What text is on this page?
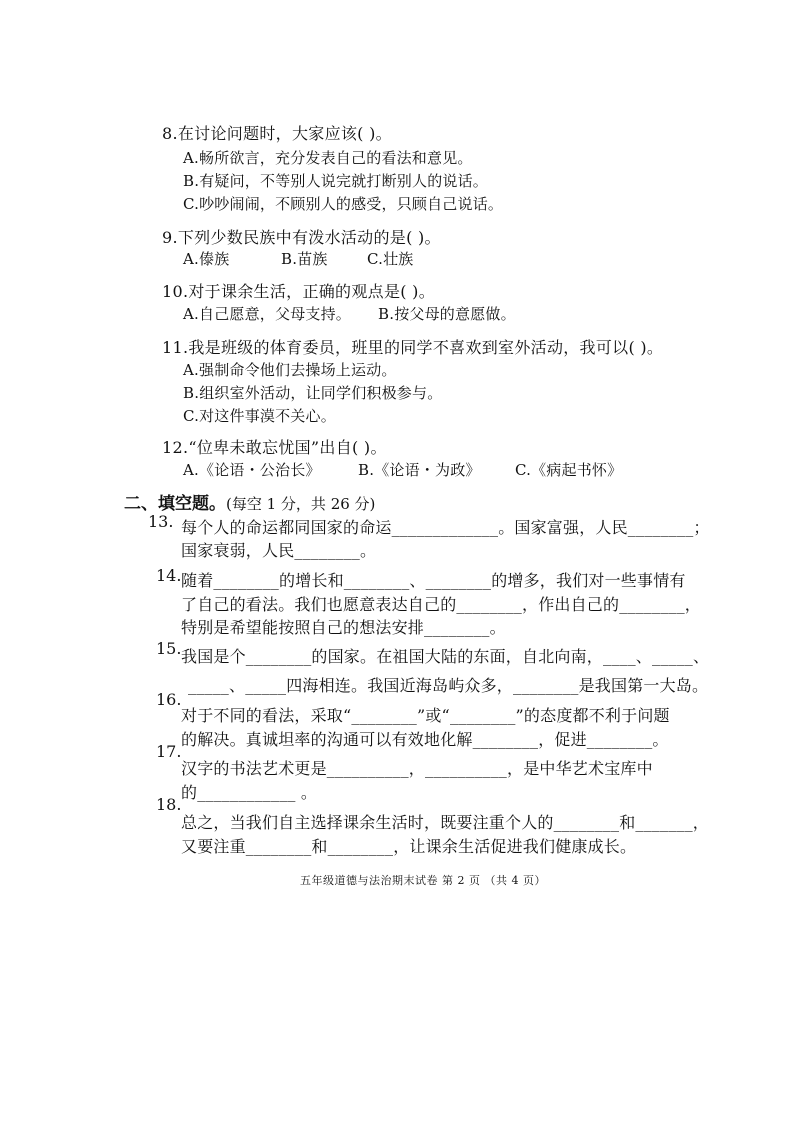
8.在讨论问题时，大家应该( )。
A.畅所欲言，充分发表自己的看法和意见。
B.有疑问，不等别人说完就打断别人的说话。
C.吵吵闹闹，不顾别人的感受，只顾自己说话。
9.下列少数民族中有泼水活动的是( )。
A.傣族	B.苗族	C.壮族
10.对于课余生活，正确的观点是( )。
A.自己愿意，父母支持。 B.按父母的意愿做。
11.我是班级的体育委员，班里的同学不喜欢到室外活动，我可以( )。
A.强制命令他们去操场上运动。
B.组织室外活动，让同学们积极参与。
C.对这件事漠不关心。
12.“位卑未敢忘忧国”出自( )。
A.《论语・公治长》 B.《论语・为政》 C.《病起书怀》
二、填空题。(每空 1 分，共 26 分)
13. 每个人的命运都同国家的命运_____________。国家富强，人民________；
国家衰弱，人民________。
14. 随着________的增长和________、________的增多，我们对一些事情有
了自己的看法。我们也愿意表达自己的________，作出自己的________，
特别是希望能按照自己的想法安排________。
15. 我国是个________的国家。在祖国大陆的东面，自北向南，____、_____、
_____、_____四海相连。我国近海岛屿众多，________是我国第一大岛。
16.
对于不同的看法，采取“________”或“________”的态度都不利于问题
的解决。真诚坦率的沟通可以有效地化解________，促进________。
17.
汉字的书法艺术更是__________，__________，是中华艺术宝库中
的____________ 。
18.
总之，当我们自主选择课余生活时，既要注重个人的________和_______，
又要注重________和________，让课余生活促进我们健康成长。
五年级道德与法治期末试卷 第 2 页 （共 4 页）
